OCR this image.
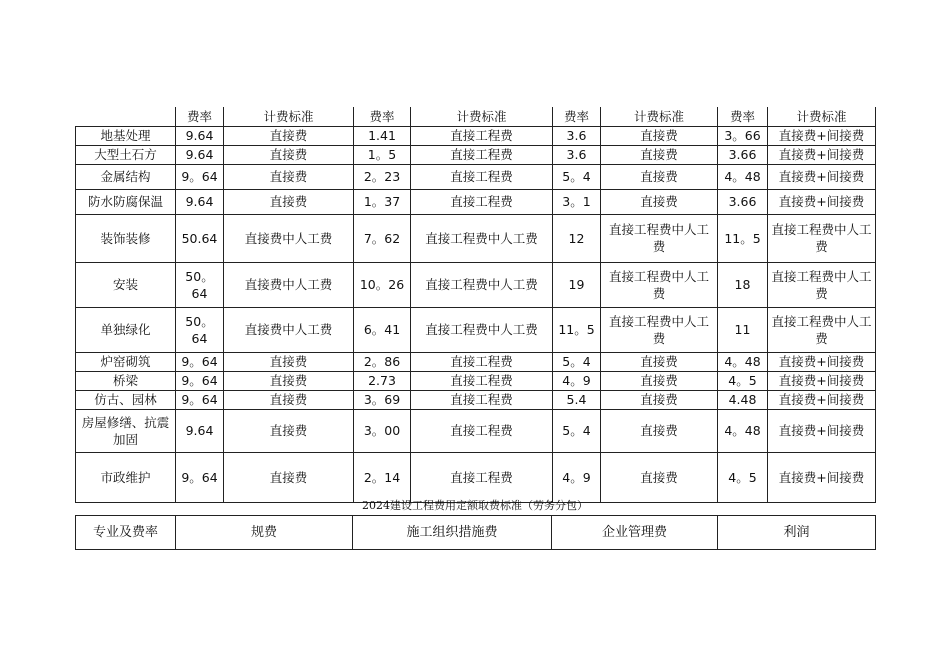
	费率	计费标准	费率	计费标准	费率	计费标准	费率	计费标准
地基处理	9.64	直接费	1.41	直接工程费	3.6	直接费	3。66	直接费+间接费
大型土石方	9.64	直接费	1。5	直接工程费	3.6	直接费	3.66	直接费+间接费
金属结构	9。64	直接费	2。23	直接工程费	5。4	直接费	4。48	直接费+间接费
防水防腐保温	9.64	直接费	1。37	直接工程费	3。1	直接费	3.66	直接费+间接费
装饰装修	50.64	直接费中人工费	7。62	直接工程费中人工费	12	直接工程费中人工费	11。5	直接工程费中人工费
安装	50。64	直接费中人工费	10。26	直接工程费中人工费	19	直接工程费中人工费	18	直接工程费中人工费
单独绿化	50。64	直接费中人工费	6。41	直接工程费中人工费	11。5	直接工程费中人工费	11	直接工程费中人工费
炉窑砌筑	9。64	直接费	2。86	直接工程费	5。4	直接费	4。48	直接费+间接费
桥梁	9。64	直接费	2.73	直接工程费	4。9	直接费	4。5	直接费+间接费
仿古、园林	9。64	直接费	3。69	直接工程费	5.4	直接费	4.48	直接费+间接费
房屋修缮、抗震加固	9.64	直接费	3。00	直接工程费	5。4	直接费	4。48	直接费+间接费
市政维护	9。64	直接费	2。14	直接工程费	4。9	直接费	4。5	直接费+间接费
2024建设工程费用定额取费标准（劳务分包）
专业及费率	规费	施工组织措施费	企业管理费	利润
